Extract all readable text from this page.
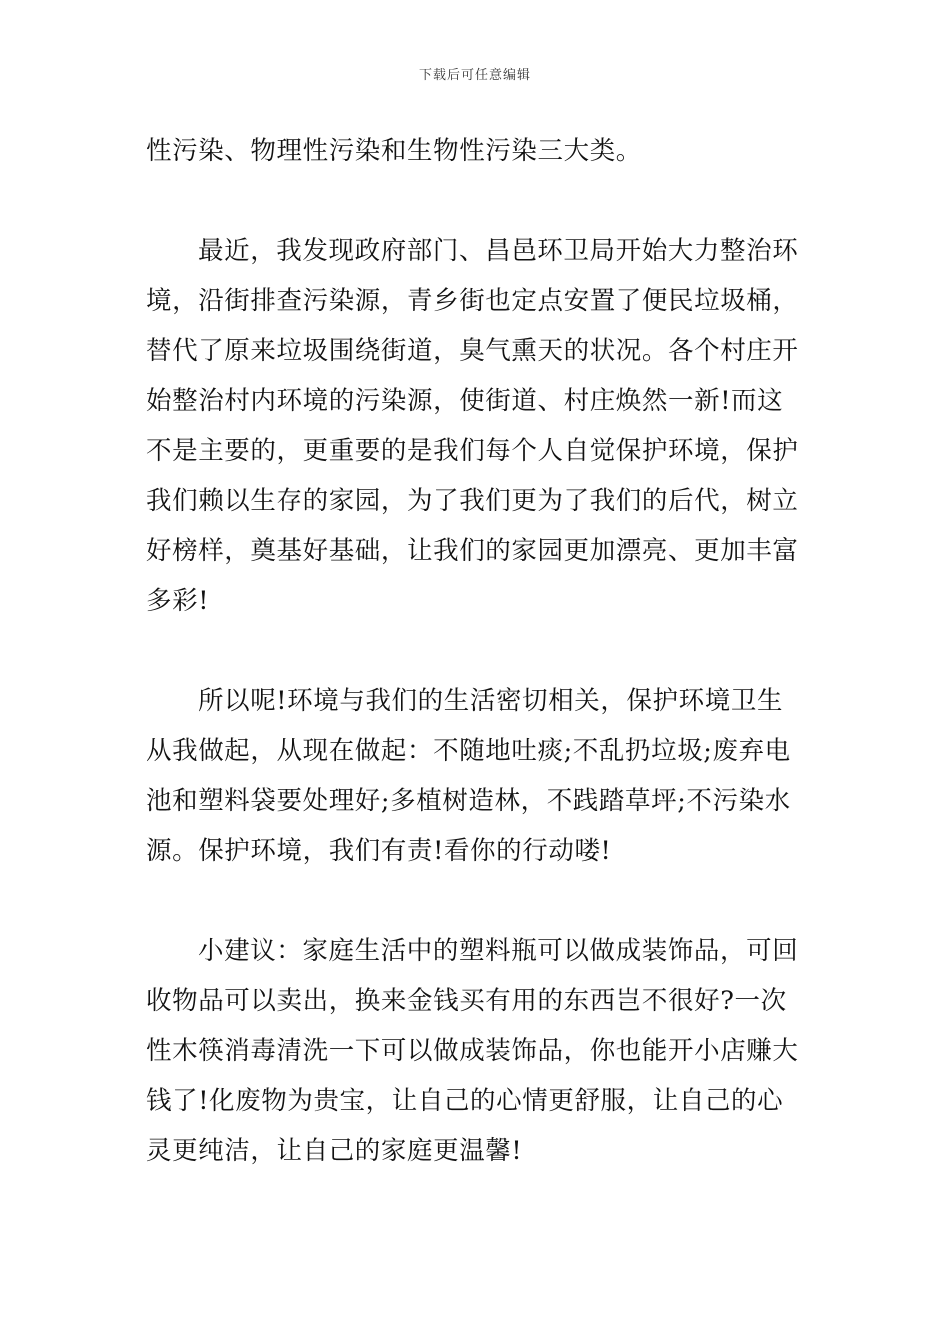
下载后可任意编辑

性污染、物理性污染和生物性污染三大类。

最近，我发现政府部门、昌邑环卫局开始大力整治环境，沿街排查污染源，青乡街也定点安置了便民垃圾桶，替代了原来垃圾围绕街道，臭气熏天的状况。各个村庄开始整治村内环境的污染源，使街道、村庄焕然一新!而这不是主要的，更重要的是我们每个人自觉保护环境，保护我们赖以生存的家园，为了我们更为了我们的后代，树立好榜样，奠基好基础，让我们的家园更加漂亮、更加丰富多彩!

所以呢!环境与我们的生活密切相关，保护环境卫生从我做起，从现在做起：不随地吐痰;不乱扔垃圾;废弃电池和塑料袋要处理好;多植树造林，不践踏草坪;不污染水源。保护环境，我们有责!看你的行动喽!

小建议：家庭生活中的塑料瓶可以做成装饰品，可回收物品可以卖出，换来金钱买有用的东西岂不很好?一次性木筷消毒清洗一下可以做成装饰品，你也能开小店赚大钱了!化废物为贵宝，让自己的心情更舒服，让自己的心灵更纯洁，让自己的家庭更温馨!
